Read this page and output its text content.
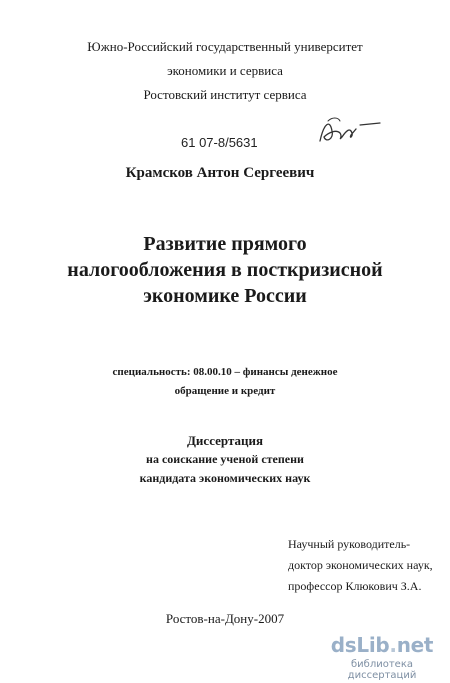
Южно-Российский государственный университет
экономики и сервиса
Ростовский институт сервиса
61 07-8/5631
Крамсков Антон Сергеевич
Развитие прямого
налогообложения в посткризисной
экономике России
специальность: 08.00.10 – финансы денежное
обращение и кредит
Диссертация
на соискание ученой степени
кандидата экономических наук
Научный руководитель-
доктор экономических наук,
профессор Клюкович З.А.
Ростов-на-Дону-2007
dsLib.net
библиотека диссертаций
